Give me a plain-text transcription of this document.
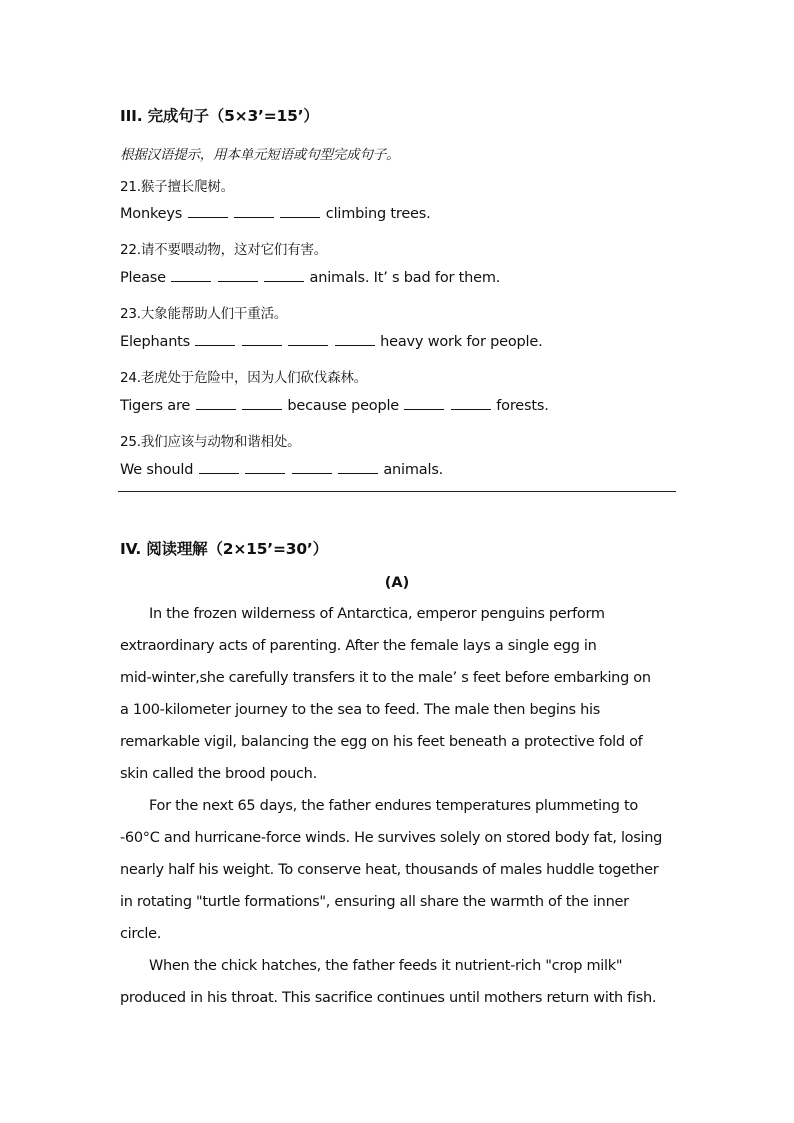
III. 完成句子（5×3’=15’）
根据汉语提示，用本单元短语或句型完成句子。
21.猴子擅长爬树。
Monkeys	climbing trees.
22.请不要喂动物，这对它们有害。
Please	animals. It’ s bad for them.
23.大象能帮助人们干重活。
Elephants	heavy work for people.
24.老虎处于危险中，因为人们砍伐森林。
Tigers are	because people	forests.
25.我们应该与动物和谐相处。
We should	animals.
IV. 阅读理解（2×15’=30’）
(A)
In the frozen wilderness of Antarctica, emperor penguins perform
extraordinary acts of parenting. After the female lays a single egg in
mid-winter,she carefully transfers it to the male’ s feet before embarking on
a 100-kilometer journey to the sea to feed. The male then begins his
remarkable vigil, balancing the egg on his feet beneath a protective fold of
skin called the brood pouch.
For the next 65 days, the father endures temperatures plummeting to
-60°C and hurricane-force winds. He survives solely on stored body fat, losing
nearly half his weight. To conserve heat, thousands of males huddle together
in rotating "turtle formations", ensuring all share the warmth of the inner
circle.
When the chick hatches, the father feeds it nutrient-rich "crop milk"
produced in his throat. This sacrifice continues until mothers return with fish.
